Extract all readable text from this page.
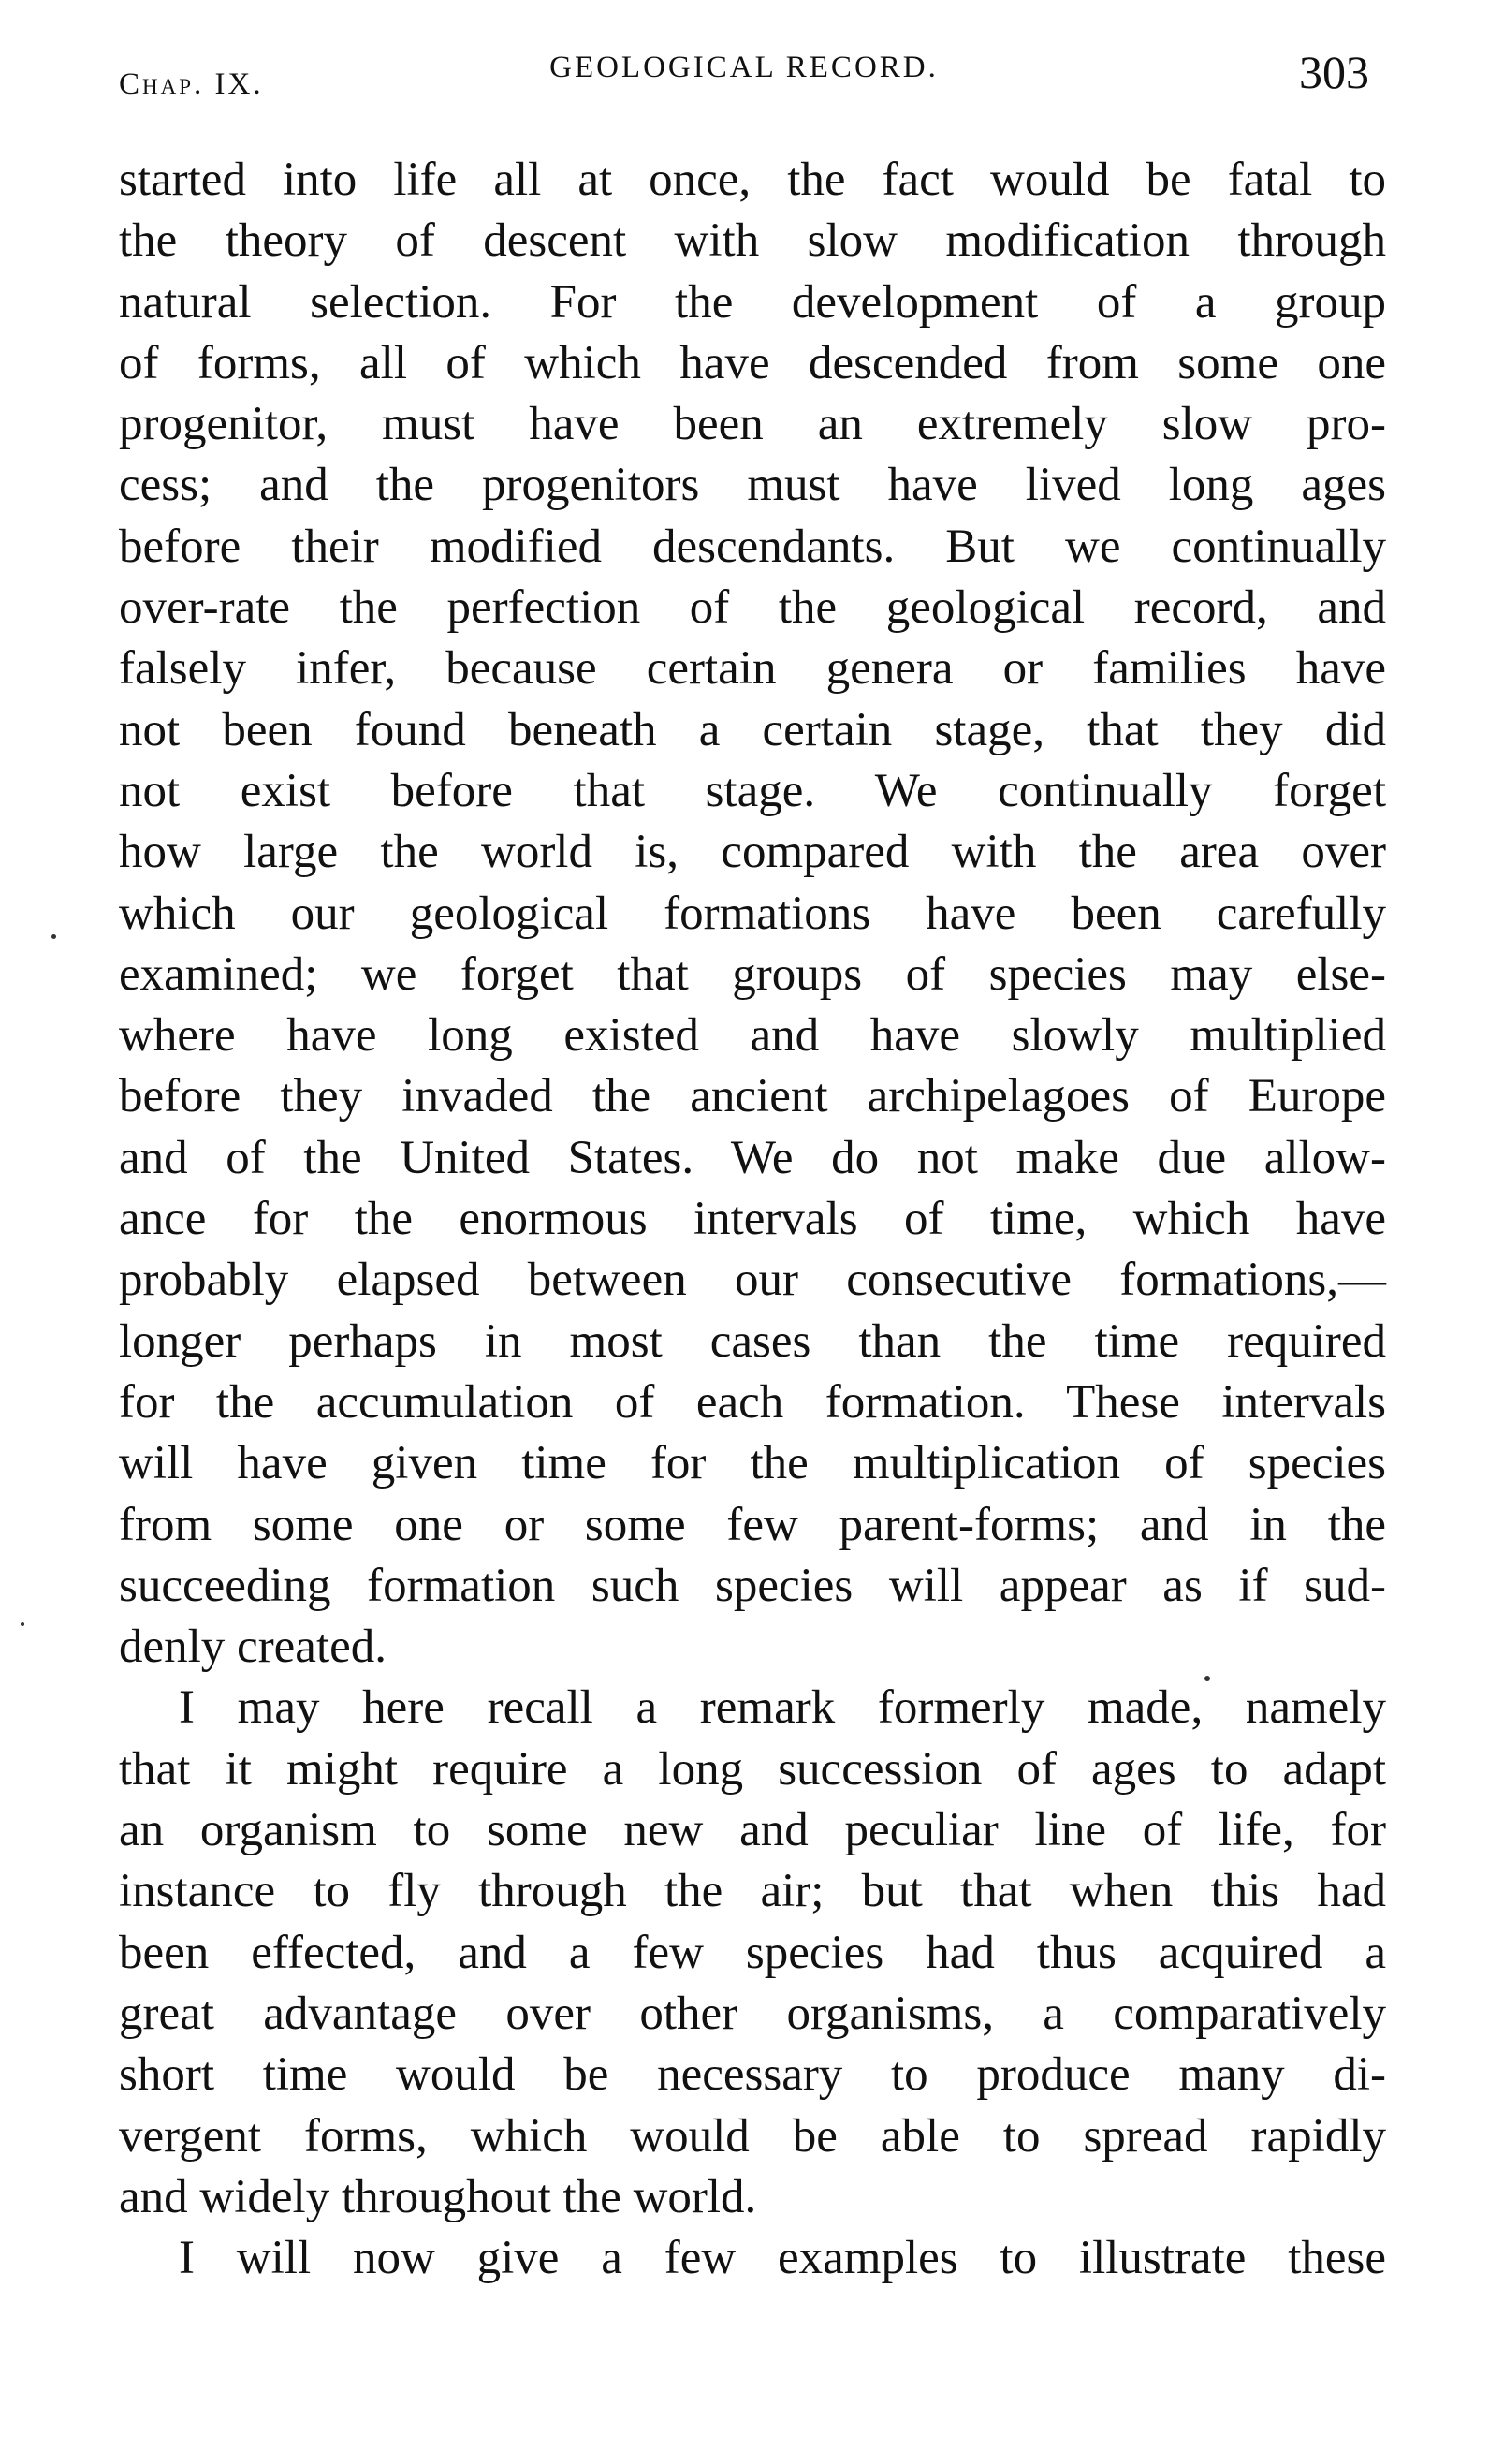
Chap. IX.	GEOLOGICAL RECORD.	303
started into life all at once, the fact would be fatal to
the theory of descent with slow modification through
natural selection. For the development of a group
of forms, all of which have descended from some one
progenitor, must have been an extremely slow pro-
cess; and the progenitors must have lived long ages
before their modified descendants. But we continually
over-rate the perfection of the geological record, and
falsely infer, because certain genera or families have
not been found beneath a certain stage, that they did
not exist before that stage. We continually forget
how large the world is, compared with the area over
which our geological formations have been carefully
examined; we forget that groups of species may else-
where have long existed and have slowly multiplied
before they invaded the ancient archipelagoes of Europe
and of the United States. We do not make due allow-
ance for the enormous intervals of time, which have
probably elapsed between our consecutive formations,—
longer perhaps in most cases than the time required
for the accumulation of each formation. These intervals
will have given time for the multiplication of species
from some one or some few parent-forms; and in the
succeeding formation such species will appear as if sud-
denly created.
I may here recall a remark formerly made, namely
that it might require a long succession of ages to adapt
an organism to some new and peculiar line of life, for
instance to fly through the air; but that when this had
been effected, and a few species had thus acquired a
great advantage over other organisms, a comparatively
short time would be necessary to produce many di-
vergent forms, which would be able to spread rapidly
and widely throughout the world.
I will now give a few examples to illustrate these
